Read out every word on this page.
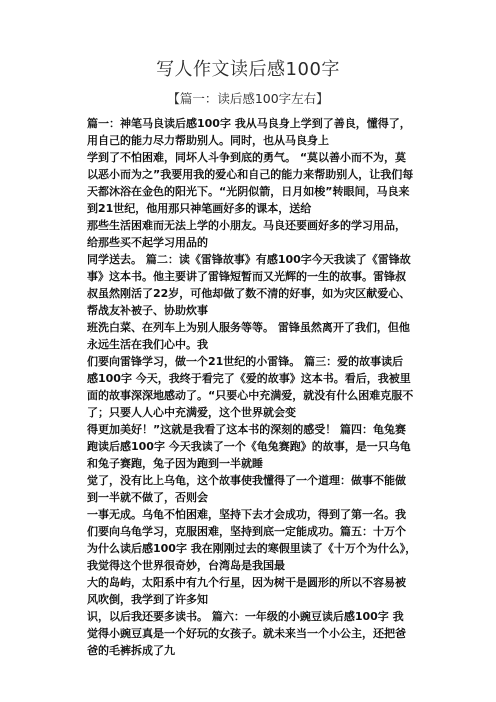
写人作文读后感100字
【篇一：读后感100字左右】
篇一：神笔马良读后感100字 我从马良身上学到了善良，懂得了，
用自己的能力尽力帮助别人。同时，也从马良身上
学到了不怕困难，同坏人斗争到底的勇气。 “莫以善小而不为，莫
以恶小而为之”我要用我的爱心和自己的能力来帮助别人，让我们每
天都沐浴在金色的阳光下。“光阴似箭，日月如梭”转眼间，马良来
到21世纪，他用那只神笔画好多的课本，送给
那些生活困难而无法上学的小朋友。马良还要画好多的学习用品，
给那些买不起学习用品的
同学送去。 篇二：读《雷锋故事》有感100字今天我读了《雷锋故
事》这本书。他主要讲了雷锋短暂而又光辉的一生的故事。雷锋叔
叔虽然刚活了22岁，可他却做了数不清的好事，如为灾区献爱心、
帮战友补被子、协助炊事
班洗白菜、在列车上为别人服务等等。 雷锋虽然离开了我们，但他
永远生活在我们心中。我
们要向雷锋学习，做一个21世纪的小雷锋。 篇三：爱的故事读后
感100字 今天，我终于看完了《爱的故事》这本书。看后，我被里
面的故事深深地感动了。“只要心中充满爱，就没有什么困难克服不
了；只要人人心中充满爱，这个世界就会变
得更加美好！”这就是我看了这本书的深刻的感受！ 篇四：龟兔赛
跑读后感100字 今天我读了一个《龟兔赛跑》的故事，是一只乌龟
和兔子赛跑，兔子因为跑到一半就睡
觉了，没有比上乌龟，这个故事使我懂得了一个道理：做事不能做
到一半就不做了，否则会
一事无成。乌龟不怕困难，坚持下去才会成功，得到了第一名。我
们要向乌龟学习，克服困难，坚持到底一定能成功。篇五：十万个
为什么读后感100字 我在刚刚过去的寒假里读了《十万个为什么》，
我觉得这个世界很奇妙，台湾岛是我国最
大的岛屿，太阳系中有九个行星，因为树干是圆形的所以不容易被
风吹倒，我学到了许多知
识，以后我还要多读书。 篇六：一年级的小豌豆读后感100字 我
觉得小豌豆真是一个好玩的女孩子。就未来当一个小公主，还把爸
爸的毛裤拆成了九
